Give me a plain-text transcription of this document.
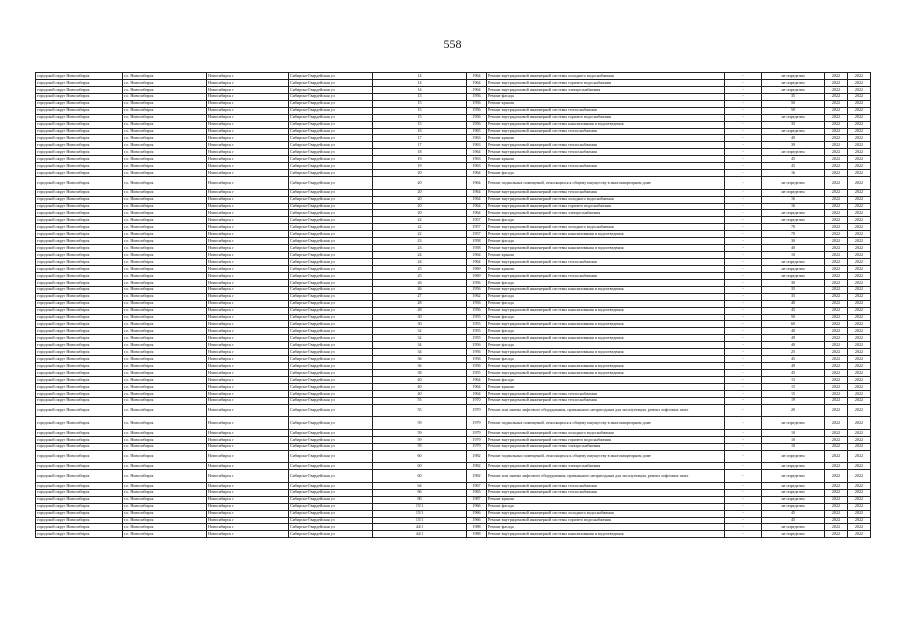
558
городской округ Новосибирск	г.о. Новосибирск	Новосибирск г	Сибирско-Гвардейская ул	14	1964	Ремонт внутридомовой инженерной системы холодного водоснабжения	-	не определен	2022	2022
городской округ Новосибирск	г.о. Новосибирск	Новосибирск г	Сибирско-Гвардейская ул	14	1964	Ремонт внутридомовой инженерной системы горячего водоснабжения	-	не определен	2022	2022
городской округ Новосибирск	г.о. Новосибирск	Новосибирск г	Сибирско-Гвардейская ул	14	1964	Ремонт внутридомовой инженерной системы электроснабжения	-	не определен	2022	2022
городской округ Новосибирск	г.о. Новосибирск	Новосибирск г	Сибирско-Гвардейская ул	15	1956	Ремонт фасада	-	35	2022	2022
городской округ Новосибирск	г.о. Новосибирск	Новосибирск г	Сибирско-Гвардейская ул	15	1956	Ремонт крыши	-	50	2022	2022
городской округ Новосибирск	г.о. Новосибирск	Новосибирск г	Сибирско-Гвардейская ул	15	1956	Ремонт внутридомовой инженерной системы теплоснабжения	-	50	2022	2022
городской округ Новосибирск	г.о. Новосибирск	Новосибирск г	Сибирско-Гвардейская ул	15	1956	Ремонт внутридомовой инженерной системы горячего водоснабжения	-	не определен	2022	2022
городской округ Новосибирск	г.о. Новосибирск	Новосибирск г	Сибирско-Гвардейская ул	15	1956	Ремонт внутридомовой инженерной системы канализования и водоотведения	-	35	2022	2022
городской округ Новосибирск	г.о. Новосибирск	Новосибирск г	Сибирско-Гвардейская ул	16	1965	Ремонт внутридомовой инженерной системы теплоснабжения	-	не определен	2022	2022
городской округ Новосибирск	г.о. Новосибирск	Новосибирск г	Сибирско-Гвардейская ул	17	1963	Ремонт крыши	-	40	2022	2022
городской округ Новосибирск	г.о. Новосибирск	Новосибирск г	Сибирско-Гвардейская ул	17	1963	Ремонт внутридомовой инженерной системы теплоснабжения	-	39	2022	2022
городской округ Новосибирск	г.о. Новосибирск	Новосибирск г	Сибирско-Гвардейская ул	18	1964	Ремонт внутридомовой инженерной системы теплоснабжения	-	не определен	2022	2022
городской округ Новосибирск	г.о. Новосибирск	Новосибирск г	Сибирско-Гвардейская ул	19	1963	Ремонт крыши	-	45	2022	2022
городской округ Новосибирск	г.о. Новосибирск	Новосибирск г	Сибирско-Гвардейская ул	19	1963	Ремонт внутридомовой инженерной системы теплоснабжения	-	45	2022	2022
городской округ Новосибирск	г.о. Новосибирск	Новосибирск г	Сибирско-Гвардейская ул	20	1964	Ремонт фасада	-	16	2022	2022
городской округ Новосибирск	г.о. Новосибирск	Новосибирск г	Сибирско-Гвардейская ул	20	1964	Ремонт подвальных помещений, относящихся к общему имуществу в многоквартирном доме	-	не определен	2022	2022
городской округ Новосибирск	г.о. Новосибирск	Новосибирск г	Сибирско-Гвардейская ул	20	1964	Ремонт внутридомовой инженерной системы теплоснабжения	-	не определен	2022	2022
городской округ Новосибирск	г.о. Новосибирск	Новосибирск г	Сибирско-Гвардейская ул	20	1964	Ремонт внутридомовой инженерной системы холодного водоснабжения	-	16	2022	2022
городской округ Новосибирск	г.о. Новосибирск	Новосибирск г	Сибирско-Гвардейская ул	20	1964	Ремонт внутридомовой инженерной системы горячего водоснабжения	-	16	2022	2022
городской округ Новосибирск	г.о. Новосибирск	Новосибирск г	Сибирско-Гвардейская ул	20	1964	Ремонт внутридомовой инженерной системы электроснабжения	-	не определен	2022	2022
городской округ Новосибирск	г.о. Новосибирск	Новосибирск г	Сибирско-Гвардейская ул	22	1957	Ремонт фасада	-	не определен	2022	2022
городской округ Новосибирск	г.о. Новосибирск	Новосибирск г	Сибирско-Гвардейская ул	22	1957	Ремонт внутридомовой инженерной системы холодного водоснабжения	-	70	2022	2022
городской округ Новосибирск	г.о. Новосибирск	Новосибирск г	Сибирско-Гвардейская ул	22	1957	Ремонт внутридомовой инженерной системы канализования и водоотведения	-	70	2022	2022
городской округ Новосибирск	г.о. Новосибирск	Новосибирск г	Сибирско-Гвардейская ул	23	1958	Ремонт фасада	-	30	2022	2022
городской округ Новосибирск	г.о. Новосибирск	Новосибирск г	Сибирско-Гвардейская ул	23	1958	Ремонт внутридомовой инженерной системы канализования и водоотведения	-	40	2022	2022
городской округ Новосибирск	г.о. Новосибирск	Новосибирск г	Сибирско-Гвардейская ул	24	1964	Ремонт крыши	-	10	2022	2022
городской округ Новосибирск	г.о. Новосибирск	Новосибирск г	Сибирско-Гвардейская ул	24	1964	Ремонт внутридомовой инженерной системы теплоснабжения	-	не определен	2022	2022
городской округ Новосибирск	г.о. Новосибирск	Новосибирск г	Сибирско-Гвардейская ул	25	1969	Ремонт крыши	-	не определен	2022	2022
городской округ Новосибирск	г.о. Новосибирск	Новосибирск г	Сибирско-Гвардейская ул	25	1969	Ремонт внутридомовой инженерной системы теплоснабжения	-	не определен	2022	2022
городской округ Новосибирск	г.о. Новосибирск	Новосибирск г	Сибирско-Гвардейская ул	26	1956	Ремонт фасада	-	30	2022	2022
городской округ Новосибирск	г.о. Новосибирск	Новосибирск г	Сибирско-Гвардейская ул	26	1956	Ремонт внутридомовой инженерной системы канализования и водоотведения	-	35	2022	2022
городской округ Новосибирск	г.о. Новосибирск	Новосибирск г	Сибирско-Гвардейская ул	27	1962	Ремонт фасада	-	35	2022	2022
городской округ Новосибирск	г.о. Новосибирск	Новосибирск г	Сибирско-Гвардейская ул	28	1956	Ремонт фасада	-	40	2022	2022
городской округ Новосибирск	г.о. Новосибирск	Новосибирск г	Сибирско-Гвардейская ул	28	1956	Ремонт внутридомовой инженерной системы канализования и водоотведения	-	45	2022	2022
городской округ Новосибирск	г.о. Новосибирск	Новосибирск г	Сибирско-Гвардейская ул	30	1955	Ремонт фасада	-	50	2022	2022
городской округ Новосибирск	г.о. Новосибирск	Новосибирск г	Сибирско-Гвардейская ул	30	1955	Ремонт внутридомовой инженерной системы канализования и водоотведения	-	60	2022	2022
городской округ Новосибирск	г.о. Новосибирск	Новосибирск г	Сибирско-Гвардейская ул	32	1955	Ремонт фасада	-	40	2022	2022
городской округ Новосибирск	г.о. Новосибирск	Новосибирск г	Сибирско-Гвардейская ул	32	1955	Ремонт внутридомовой инженерной системы канализования и водоотведения	-	49	2022	2022
городской округ Новосибирск	г.о. Новосибирск	Новосибирск г	Сибирско-Гвардейская ул	34	1956	Ремонт фасада	-	40	2022	2022
городской округ Новосибирск	г.о. Новосибирск	Новосибирск г	Сибирско-Гвардейская ул	34	1956	Ремонт внутридомовой инженерной системы канализования и водоотведения	-	25	2022	2022
городской округ Новосибирск	г.о. Новосибирск	Новосибирск г	Сибирско-Гвардейская ул	36	1956	Ремонт фасада	-	45	2022	2022
городской округ Новосибирск	г.о. Новосибирск	Новосибирск г	Сибирско-Гвардейская ул	36	1956	Ремонт внутридомовой инженерной системы канализования и водоотведения	-	49	2022	2022
городской округ Новосибирск	г.о. Новосибирск	Новосибирск г	Сибирско-Гвардейская ул	38	1955	Ремонт внутридомовой инженерной системы канализования и водоотведения	-	45	2022	2022
городской округ Новосибирск	г.о. Новосибирск	Новосибирск г	Сибирско-Гвардейская ул	40	1964	Ремонт фасада	-	15	2022	2022
городской округ Новосибирск	г.о. Новосибирск	Новосибирск г	Сибирско-Гвардейская ул	40	1964	Ремонт крыши	-	15	2022	2022
городской округ Новосибирск	г.о. Новосибирск	Новосибирск г	Сибирско-Гвардейская ул	40	1964	Ремонт внутридомовой инженерной системы теплоснабжения	-	15	2022	2022
городской округ Новосибирск	г.о. Новосибирск	Новосибирск г	Сибирско-Гвардейская ул	55	1970	Ремонт внутридомовой инженерной системы теплоснабжения	-	19	2022	2022
городской округ Новосибирск	г.о. Новосибирск	Новосибирск г	Сибирско-Гвардейская ул	55	1970	Ремонт или замена лифтового оборудования, признанного непригодным для эксплуатации, ремонт лифтовых шахт	-	20	2022	2022
городской округ Новосибирск	г.о. Новосибирск	Новосибирск г	Сибирско-Гвардейская ул	59	1979	Ремонт подвальных помещений, относящихся к общему имуществу в многоквартирном доме	-	не определен	2022	2022
городской округ Новосибирск	г.о. Новосибирск	Новосибирск г	Сибирско-Гвардейская ул	59	1979	Ремонт внутридомовой инженерной системы холодного водоснабжения	-	10	2022	2022
городской округ Новосибирск	г.о. Новосибирск	Новосибирск г	Сибирско-Гвардейская ул	59	1979	Ремонт внутридомовой инженерной системы горячего водоснабжения	-	10	2022	2022
городской округ Новосибирск	г.о. Новосибирск	Новосибирск г	Сибирско-Гвардейская ул	59	1979	Ремонт внутридомовой инженерной системы электроснабжения	-	10	2022	2022
городской округ Новосибирск	г.о. Новосибирск	Новосибирск г	Сибирско-Гвардейская ул	60	1982	Ремонт подвальных помещений, относящихся к общему имуществу в многоквартирном доме	-	не определен	2022	2022
городской округ Новосибирск	г.о. Новосибирск	Новосибирск г	Сибирско-Гвардейская ул	60	1982	Ремонт внутридомовой инженерной системы электроснабжения	-	не определен	2022	2022
городской округ Новосибирск	г.о. Новосибирск	Новосибирск г	Сибирско-Гвардейская ул	60	1982	Ремонт или замена лифтового оборудования, признанного непригодным для эксплуатации, ремонт лифтовых шахт	-	не определен	2022	2022
городской округ Новосибирск	г.о. Новосибирск	Новосибирск г	Сибирско-Гвардейская ул	64	1967	Ремонт внутридомовой инженерной системы теплоснабжения	-	не определен	2022	2022
городской округ Новосибирск	г.о. Новосибирск	Новосибирск г	Сибирско-Гвардейская ул	66	1965	Ремонт внутридомовой инженерной системы теплоснабжения	-	не определен	2022	2022
городской округ Новосибирск	г.о. Новосибирск	Новосибирск г	Сибирско-Гвардейская ул	80	1987	Ремонт крыши	-	не определен	2022	2022
городской округ Новосибирск	г.о. Новосибирск	Новосибирск г	Сибирско-Гвардейская ул	15/1	1966	Ремонт фасада	-	не определен	2022	2022
городской округ Новосибирск	г.о. Новосибирск	Новосибирск г	Сибирско-Гвардейская ул	15/1	1966	Ремонт внутридомовой инженерной системы холодного водоснабжения	-	45	2022	2022
городской округ Новосибирск	г.о. Новосибирск	Новосибирск г	Сибирско-Гвардейская ул	15/1	1966	Ремонт внутридомовой инженерной системы горячего водоснабжения	-	45	2022	2022
городской округ Новосибирск	г.о. Новосибирск	Новосибирск г	Сибирско-Гвардейская ул	44/1	1988	Ремонт фасада	-	не определен	2022	2022
городской округ Новосибирск	г.о. Новосибирск	Новосибирск г	Сибирско-Гвардейская ул	44/1	1988	Ремонт внутридомовой инженерной системы канализования и водоотведения	-	не определен	2022	2022
